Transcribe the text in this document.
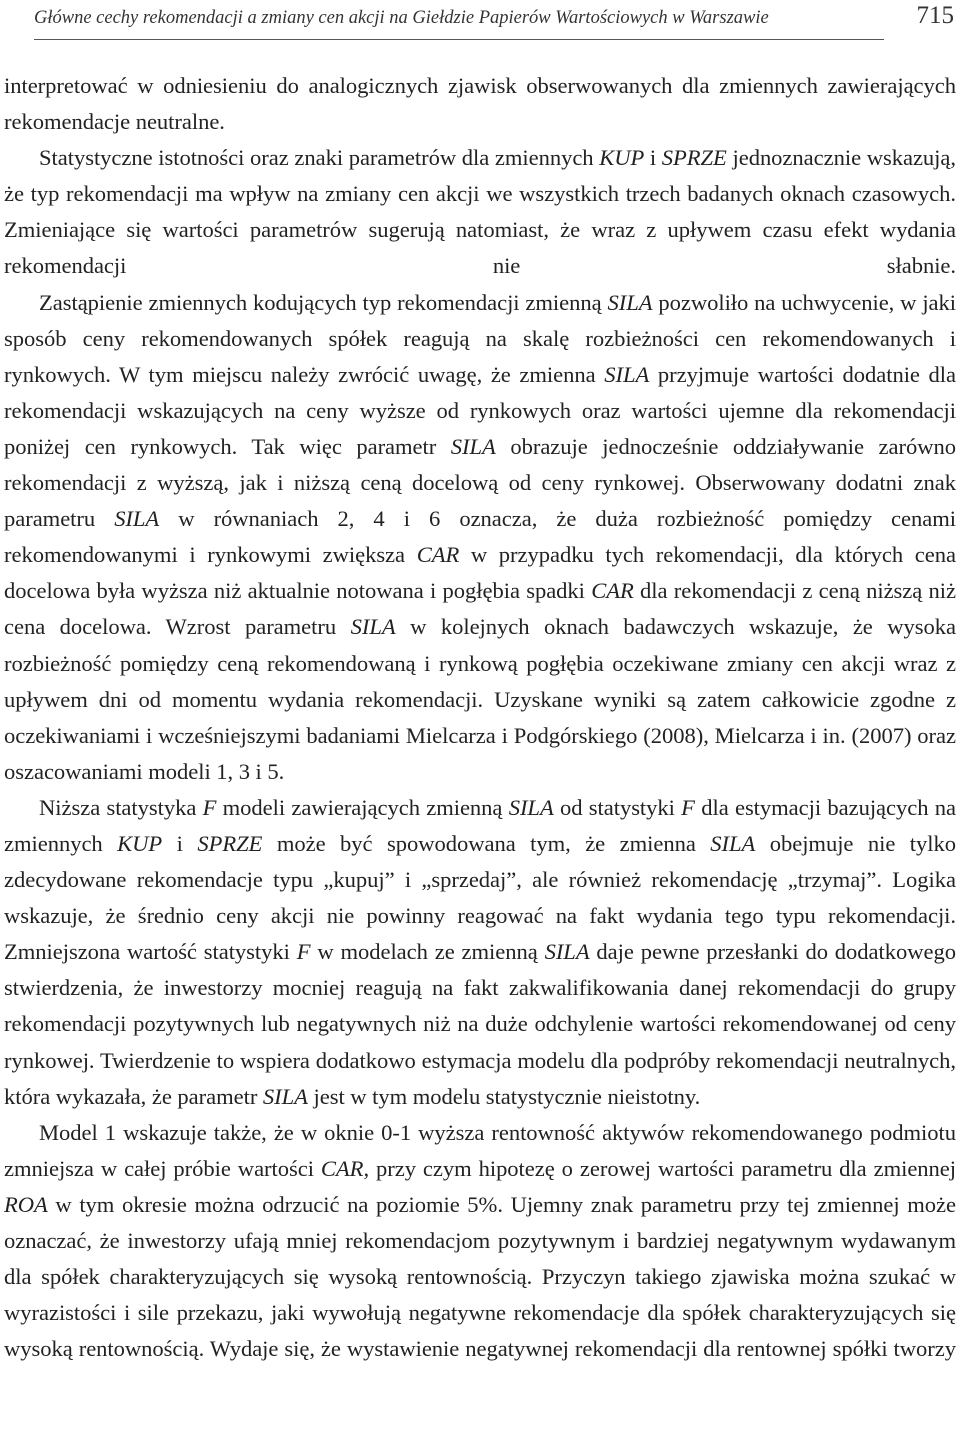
Główne cechy rekomendacji a zmiany cen akcji na Giełdzie Papierów Wartościowych w Warszawie	715

interpretować w odniesieniu do analogicznych zjawisk obserwowanych dla zmiennych zawierających rekomendacje neutralne.

Statystyczne istotności oraz znaki parametrów dla zmiennych KUP i SPRZE jednoznacznie wskazują, że typ rekomendacji ma wpływ na zmiany cen akcji we wszystkich trzech badanych oknach czasowych. Zmieniające się wartości parametrów sugerują natomiast, że wraz z upływem czasu efekt wydania rekomendacji nie słabnie.

Zastąpienie zmiennych kodujących typ rekomendacji zmienną SILA pozwoliło na uchwycenie, w jaki sposób ceny rekomendowanych spółek reagują na skalę rozbieżności cen rekomendowanych i rynkowych. W tym miejscu należy zwrócić uwagę, że zmienna SILA przyjmuje wartości dodatnie dla rekomendacji wskazujących na ceny wyższe od rynkowych oraz wartości ujemne dla rekomendacji poniżej cen rynkowych. Tak więc parametr SILA obrazuje jednocześnie oddziaływanie zarówno rekomendacji z wyższą, jak i niższą ceną docelową od ceny rynkowej. Obserwowany dodatni znak parametru SILA w równaniach 2, 4 i 6 oznacza, że duża rozbieżność pomiędzy cenami rekomendowanymi i rynkowymi zwiększa CAR w przypadku tych rekomendacji, dla których cena docelowa była wyższa niż aktualnie notowana i pogłębia spadki CAR dla rekomendacji z ceną niższą niż cena docelowa. Wzrost parametru SILA w kolejnych oknach badawczych wskazuje, że wysoka rozbieżność pomiędzy ceną rekomendowaną i rynkową pogłębia oczekiwane zmiany cen akcji wraz z upływem dni od momentu wydania rekomendacji. Uzyskane wyniki są zatem całkowicie zgodne z oczekiwaniami i wcześniejszymi badaniami Mielcarza i Podgórskiego (2008), Mielcarza i in. (2007) oraz oszacowaniami modeli 1, 3 i 5.

Niższa statystyka F modeli zawierających zmienną SILA od statystyki F dla estymacji bazujących na zmiennych KUP i SPRZE może być spowodowana tym, że zmienna SILA obejmuje nie tylko zdecydowane rekomendacje typu „kupuj” i „sprzedaj”, ale również rekomendację „trzymaj”. Logika wskazuje, że średnio ceny akcji nie powinny reagować na fakt wydania tego typu rekomendacji. Zmniejszona wartość statystyki F w modelach ze zmienną SILA daje pewne przesłanki do dodatkowego stwierdzenia, że inwestorzy mocniej reagują na fakt zakwalifikowania danej rekomendacji do grupy rekomendacji pozytywnych lub negatywnych niż na duże odchylenie wartości rekomendowanej od ceny rynkowej. Twierdzenie to wspiera dodatkowo estymacja modelu dla podpróby rekomendacji neutralnych, która wykazała, że parametr SILA jest w tym modelu statystycznie nieistotny.

Model 1 wskazuje także, że w oknie 0-1 wyższa rentowność aktywów rekomendowanego podmiotu zmniejsza w całej próbie wartości CAR, przy czym hipotezę o zerowej wartości parametru dla zmiennej ROA w tym okresie można odrzucić na poziomie 5%. Ujemny znak parametru przy tej zmiennej może oznaczać, że inwestorzy ufają mniej rekomendacjom pozytywnym i bardziej negatywnym wydawanym dla spółek charakteryzujących się wysoką rentownością. Przyczyn takiego zjawiska można szukać w wyrazistości i sile przekazu, jaki wywołują negatywne rekomendacje dla spółek charakteryzujących się wysoką rentownością. Wydaje się, że wystawienie negatywnej rekomendacji dla rentownej spółki tworzy
